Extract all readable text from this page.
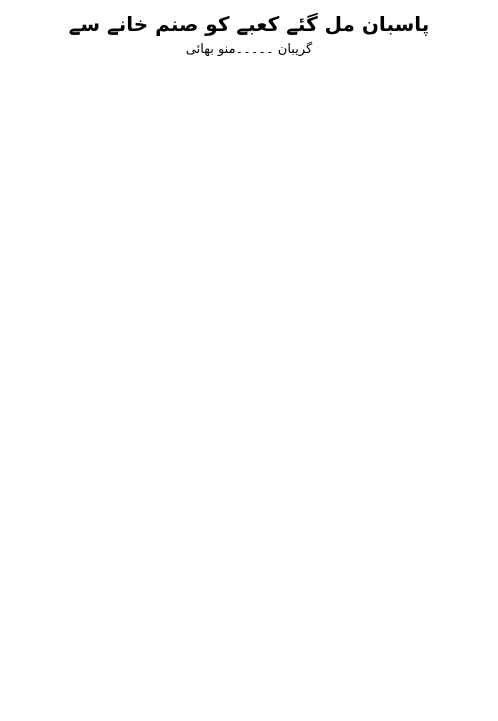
پاسبان مل گئے کعبے کو صنم خانے سے
گریبان ۔۔۔۔۔منو بھائی
